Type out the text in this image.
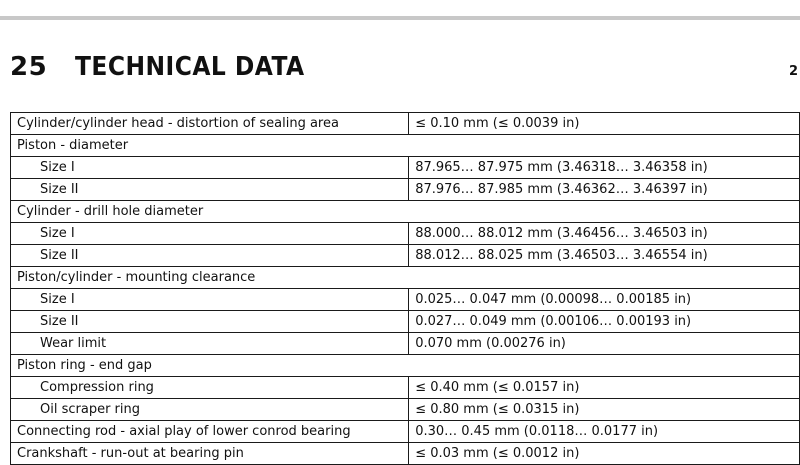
25 TECHNICAL DATA	2
Cylinder/cylinder head - distortion of sealing area	≤ 0.10 mm (≤ 0.0039 in)
Piston - diameter	
Size I	87.965… 87.975 mm (3.46318… 3.46358 in)
Size II	87.976… 87.985 mm (3.46362… 3.46397 in)
Cylinder - drill hole diameter	
Size I	88.000… 88.012 mm (3.46456… 3.46503 in)
Size II	88.012… 88.025 mm (3.46503… 3.46554 in)
Piston/cylinder - mounting clearance	
Size I	0.025… 0.047 mm (0.00098… 0.00185 in)
Size II	0.027… 0.049 mm (0.00106… 0.00193 in)
Wear limit	0.070 mm (0.00276 in)
Piston ring - end gap	
Compression ring	≤ 0.40 mm (≤ 0.0157 in)
Oil scraper ring	≤ 0.80 mm (≤ 0.0315 in)
Connecting rod - axial play of lower conrod bearing	0.30… 0.45 mm (0.0118… 0.0177 in)
Crankshaft - run-out at bearing pin	≤ 0.03 mm (≤ 0.0012 in)
